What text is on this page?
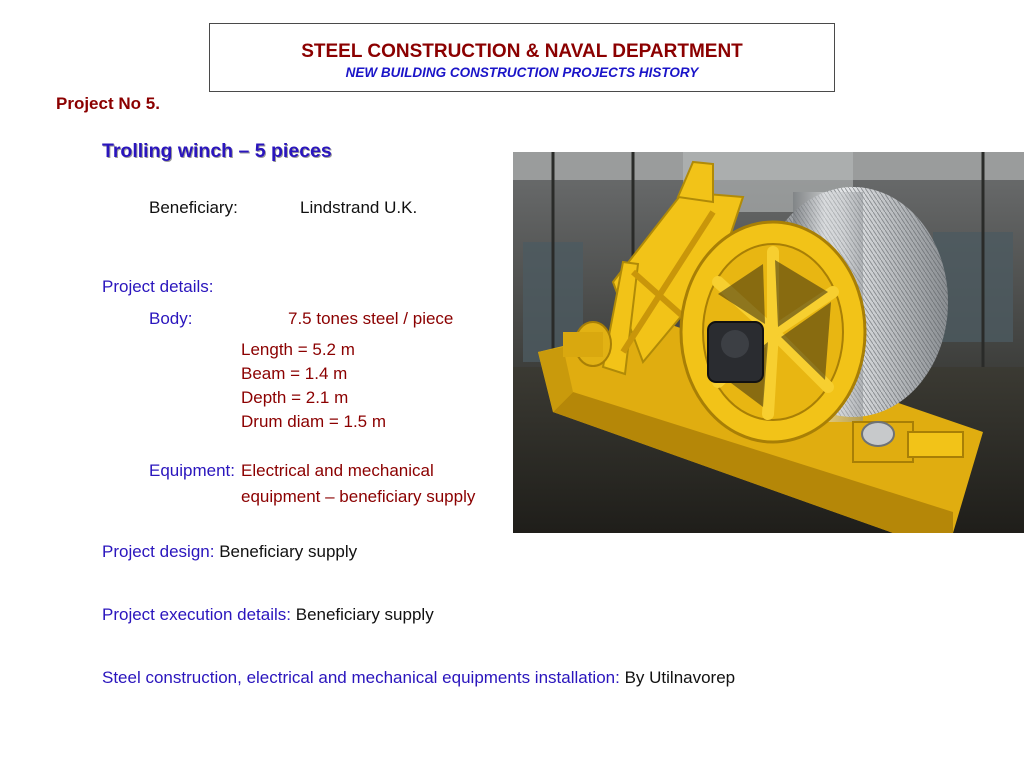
STEEL CONSTRUCTION & NAVAL DEPARTMENT
NEW BUILDING CONSTRUCTION PROJECTS HISTORY
Project No 5.
Trolling winch – 5 pieces
Beneficiary:	Lindstrand U.K.
Project details:
Body:	7.5 tones steel / piece
Length = 5.2 m
Beam = 1.4 m
Depth = 2.1 m
Drum diam = 1.5 m
Equipment: Electrical and mechanical
equipment – beneficiary supply
Project design: Beneficiary supply
Project execution details: Beneficiary supply
Steel construction, electrical and mechanical equipments installation: By Utilnavorep
